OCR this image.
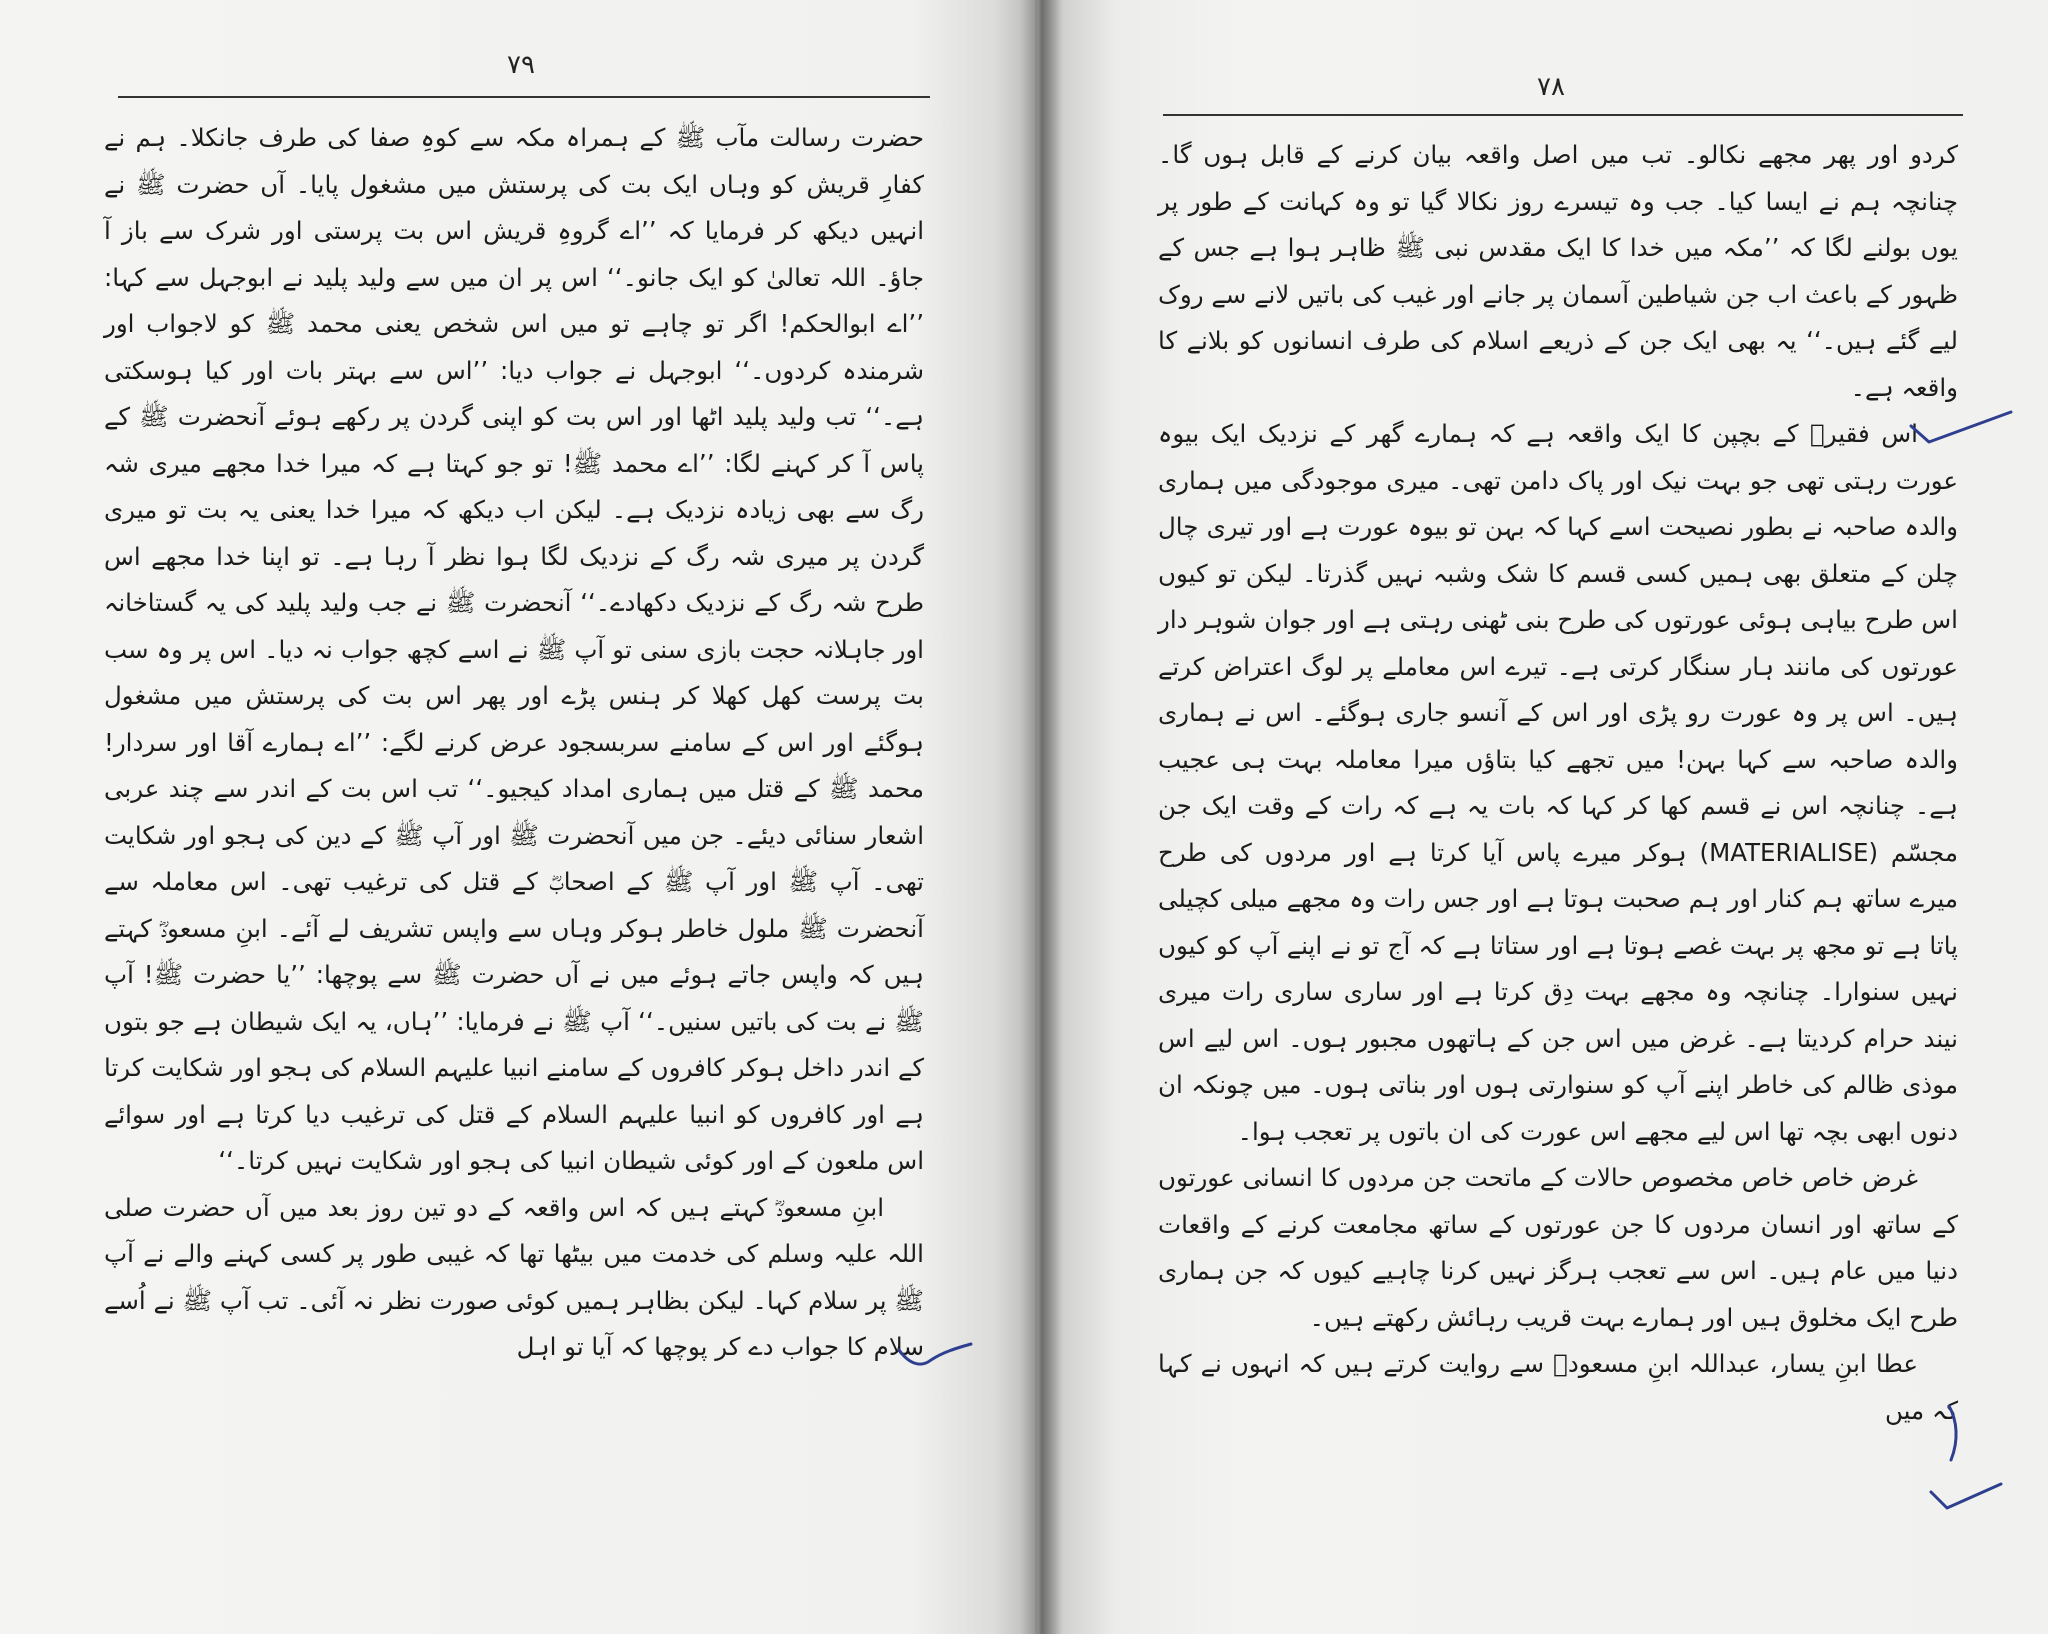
۷۹

حضرت رسالت مآب ﷺ کے ہمراہ مکہ سے کوہِ صفا کی طرف جانکلا۔ ہم نے کفارِ قریش کو وہاں ایک بت کی پرستش میں مشغول پایا۔ آں حضرت ﷺ نے انہیں دیکھ کر فرمایا کہ ’’اے گروہِ قریش اس بت پرستی اور شرک سے باز آ جاؤ۔ اللہ تعالیٰ کو ایک جانو۔‘‘ اس پر ان میں سے ولید پلید نے ابوجہل سے کہا: ’’اے ابوالحکم! اگر تو چاہے تو میں اس شخص یعنی محمد ﷺ کو لاجواب اور شرمندہ کردوں۔‘‘ ابوجہل نے جواب دیا: ’’اس سے بہتر بات اور کیا ہوسکتی ہے۔‘‘ تب ولید پلید اٹھا اور اس بت کو اپنی گردن پر رکھے ہوئے آنحضرت ﷺ کے پاس آ کر کہنے لگا: ’’اے محمد ﷺ! تو جو کہتا ہے کہ میرا خدا مجھے میری شہ رگ سے بھی زیادہ نزدیک ہے۔ لیکن اب دیکھ کہ میرا خدا یعنی یہ بت تو میری گردن پر میری شہ رگ کے نزدیک لگا ہوا نظر آ رہا ہے۔ تو اپنا خدا مجھے اس طرح شہ رگ کے نزدیک دکھادے۔‘‘ آنحضرت ﷺ نے جب ولید پلید کی یہ گستاخانہ اور جاہلانہ حجت بازی سنی تو آپ ﷺ نے اسے کچھ جواب نہ دیا۔ اس پر وہ سب بت پرست کھل کھلا کر ہنس پڑے اور پھر اس بت کی پرستش میں مشغول ہوگئے اور اس کے سامنے سربسجود عرض کرنے لگے: ’’اے ہمارے آقا اور سردار! محمد ﷺ کے قتل میں ہماری امداد کیجیو۔‘‘ تب اس بت کے اندر سے چند عربی اشعار سنائی دیئے۔ جن میں آنحضرت ﷺ اور آپ ﷺ کے دین کی ہجو اور شکایت تھی۔ آپ ﷺ اور آپ ﷺ کے اصحابؓ کے قتل کی ترغیب تھی۔ اس معاملہ سے آنحضرت ﷺ ملول خاطر ہوکر وہاں سے واپس تشریف لے آئے۔ ابنِ مسعودؓ کہتے ہیں کہ واپس جاتے ہوئے میں نے آں حضرت ﷺ سے پوچھا: ’’یا حضرت ﷺ! آپ ﷺ نے بت کی باتیں سنیں۔‘‘ آپ ﷺ نے فرمایا: ’’ہاں، یہ ایک شیطان ہے جو بتوں کے اندر داخل ہوکر کافروں کے سامنے انبیا علیہم السلام کی ہجو اور شکایت کرتا ہے اور کافروں کو انبیا علیہم السلام کے قتل کی ترغیب دیا کرتا ہے اور سوائے اس ملعون کے اور کوئی شیطان انبیا کی ہجو اور شکایت نہیں کرتا۔‘‘

ابنِ مسعودؓ کہتے ہیں کہ اس واقعہ کے دو تین روز بعد میں آں حضرت صلی اللہ علیہ وسلم کی خدمت میں بیٹھا تھا کہ غیبی طور پر کسی کہنے والے نے آپ ﷺ پر سلام کہا۔ لیکن بظاہر ہمیں کوئی صورت نظر نہ آئی۔ تب آپ ﷺ نے اُسے سلام کا جواب دے کر پوچھا کہ آیا تو اہل

۷۸

کردو اور پھر مجھے نکالو۔ تب میں اصل واقعہ بیان کرنے کے قابل ہوں گا۔ چنانچہ ہم نے ایسا کیا۔ جب وہ تیسرے روز نکالا گیا تو وہ کہانت کے طور پر یوں بولنے لگا کہ ’’مکہ میں خدا کا ایک مقدس نبی ﷺ ظاہر ہوا ہے جس کے ظہور کے باعث اب جن شیاطین آسمان پر جانے اور غیب کی باتیں لانے سے روک لیے گئے ہیں۔‘‘ یہ بھی ایک جن کے ذریعے اسلام کی طرف انسانوں کو بلانے کا واقعہ ہے۔

اس فقیرؒ کے بچپن کا ایک واقعہ ہے کہ ہمارے گھر کے نزدیک ایک بیوہ عورت رہتی تھی جو بہت نیک اور پاک دامن تھی۔ میری موجودگی میں ہماری والدہ صاحبہ نے بطور نصیحت اسے کہا کہ بہن تو بیوہ عورت ہے اور تیری چال چلن کے متعلق بھی ہمیں کسی قسم کا شک وشبہ نہیں گذرتا۔ لیکن تو کیوں اس طرح بیاہی ہوئی عورتوں کی طرح بنی ٹھنی رہتی ہے اور جوان شوہر دار عورتوں کی مانند ہار سنگار کرتی ہے۔ تیرے اس معاملے پر لوگ اعتراض کرتے ہیں۔ اس پر وہ عورت رو پڑی اور اس کے آنسو جاری ہوگئے۔ اس نے ہماری والدہ صاحبہ سے کہا بہن! میں تجھے کیا بتاؤں میرا معاملہ بہت ہی عجیب ہے۔ چنانچہ اس نے قسم کھا کر کہا کہ بات یہ ہے کہ رات کے وقت ایک جن مجسّم (MATERIALISE) ہوکر میرے پاس آیا کرتا ہے اور مردوں کی طرح میرے ساتھ ہم کنار اور ہم صحبت ہوتا ہے اور جس رات وہ مجھے میلی کچیلی پاتا ہے تو مجھ پر بہت غصے ہوتا ہے اور ستاتا ہے کہ آج تو نے اپنے آپ کو کیوں نہیں سنوارا۔ چنانچہ وہ مجھے بہت دِق کرتا ہے اور ساری ساری رات میری نیند حرام کردیتا ہے۔ غرض میں اس جن کے ہاتھوں مجبور ہوں۔ اس لیے اس موذی ظالم کی خاطر اپنے آپ کو سنوارتی ہوں اور بناتی ہوں۔ میں چونکہ ان دنوں ابھی بچہ تھا اس لیے مجھے اس عورت کی ان باتوں پر تعجب ہوا۔

غرض خاص خاص مخصوص حالات کے ماتحت جن مردوں کا انسانی عورتوں کے ساتھ اور انسان مردوں کا جن عورتوں کے ساتھ مجامعت کرنے کے واقعات دنیا میں عام ہیں۔ اس سے تعجب ہرگز نہیں کرنا چاہیے کیوں کہ جن ہماری طرح ایک مخلوق ہیں اور ہمارے بہت قریب رہائش رکھتے ہیں۔

عطا ابنِ یسار، عبداللہ ابنِ مسعودؓ سے روایت کرتے ہیں کہ انہوں نے کہا کہ میں
